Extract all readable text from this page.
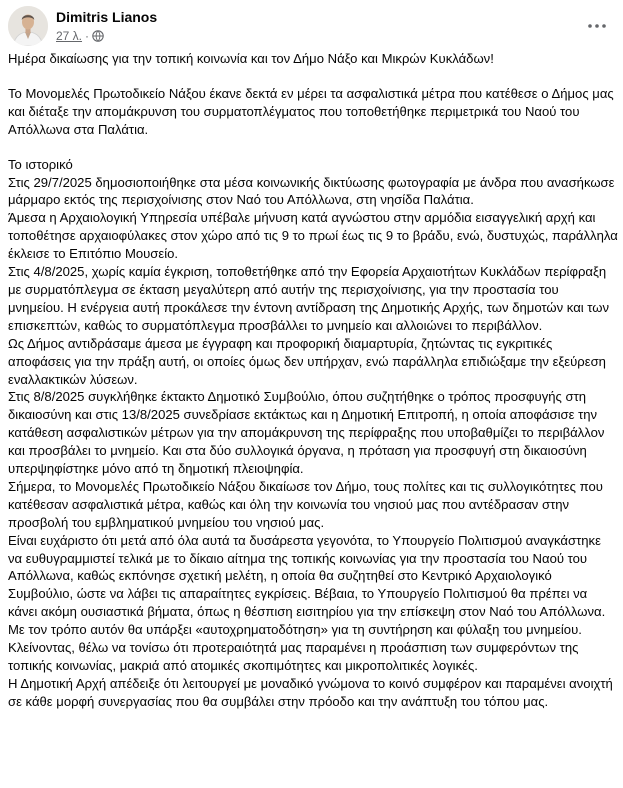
Dimitris Lianos
27 λ. ·

Ημέρα δικαίωσης για την τοπική κοινωνία και τον Δήμο Νάξο και Μικρών Κυκλάδων!

Το Μονομελές Πρωτοδικείο Νάξου έκανε δεκτά εν μέρει τα ασφαλιστικά μέτρα που κατέθεσε ο Δήμος μας και διέταξε την απομάκρυνση του συρματοπλέγματος που τοποθετήθηκε περιμετρικά του Ναού του Απόλλωνα στα Παλάτια.

Το ιστορικό

Στις 29/7/2025 δημοσιοποιήθηκε στα μέσα κοινωνικής δικτύωσης φωτογραφία με άνδρα που ανασήκωσε μάρμαρο εκτός της περισχοίνισης στον Ναό του Απόλλωνα, στη νησίδα Παλάτια.

Άμεσα η Αρχαιολογική Υπηρεσία υπέβαλε μήνυση κατά αγνώστου στην αρμόδια εισαγγελική αρχή και τοποθέτησε αρχαιοφύλακες στον χώρο από τις 9 το πρωί έως τις 9 το βράδυ, ενώ, δυστυχώς, παράλληλα έκλεισε το Επιτόπιο Μουσείο.

Στις 4/8/2025, χωρίς καμία έγκριση, τοποθετήθηκε από την Εφορεία Αρχαιοτήτων Κυκλάδων περίφραξη με συρματόπλεγμα σε έκταση μεγαλύτερη από αυτήν της περισχοίνισης, για την προστασία του μνημείου. Η ενέργεια αυτή προκάλεσε την έντονη αντίδραση της Δημοτικής Αρχής, των δημοτών και των επισκεπτών, καθώς το συρματόπλεγμα προσβάλλει το μνημείο και αλλοιώνει το περιβάλλον.

Ως Δήμος αντιδράσαμε άμεσα με έγγραφη και προφορική διαμαρτυρία, ζητώντας τις εγκριτικές αποφάσεις για την πράξη αυτή, οι οποίες όμως δεν υπήρχαν, ενώ παράλληλα επιδιώξαμε την εξεύρεση εναλλακτικών λύσεων.

Στις 8/8/2025 συγκλήθηκε έκτακτο Δημοτικό Συμβούλιο, όπου συζητήθηκε ο τρόπος προσφυγής στη δικαιοσύνη και στις 13/8/2025 συνεδρίασε εκτάκτως και η Δημοτική Επιτροπή, η οποία αποφάσισε την κατάθεση ασφαλιστικών μέτρων για την απομάκρυνση της περίφραξης που υποβαθμίζει το περιβάλλον και προσβάλει το μνημείο. Και στα δύο συλλογικά όργανα, η πρόταση για προσφυγή στη δικαιοσύνη υπερψηφίστηκε μόνο από τη δημοτική πλειοψηφία.

Σήμερα, το Μονομελές Πρωτοδικείο Νάξου δικαίωσε τον Δήμο, τους πολίτες και τις συλλογικότητες που κατέθεσαν ασφαλιστικά μέτρα, καθώς και όλη την κοινωνία του νησιού μας που αντέδρασαν στην προσβολή του εμβληματικού μνημείου του νησιού μας.

Είναι ευχάριστο ότι μετά από όλα αυτά τα δυσάρεστα γεγονότα, το Υπουργείο Πολιτισμού αναγκάστηκε να ευθυγραμμιστεί τελικά με το δίκαιο αίτημα της τοπικής κοινωνίας για την προστασία του Ναού του Απόλλωνα, καθώς εκπόνησε σχετική μελέτη, η οποία θα συζητηθεί στο Κεντρικό Αρχαιολογικό Συμβούλιο, ώστε να λάβει τις απαραίτητες εγκρίσεις. Βέβαια, το Υπουργείο Πολιτισμού θα πρέπει να κάνει ακόμη ουσιαστικά βήματα, όπως η θέσπιση εισιτηρίου για την επίσκεψη στον Ναό του Απόλλωνα. Με τον τρόπο αυτόν θα υπάρξει «αυτοχρηματοδότηση» για τη συντήρηση και φύλαξη του μνημείου.

Κλείνοντας, θέλω να τονίσω ότι προτεραιότητά μας παραμένει η προάσπιση των συμφερόντων της τοπικής κοινωνίας, μακριά από ατομικές σκοπιμότητες και μικροπολιτικές λογικές.

Η Δημοτική Αρχή απέδειξε ότι λειτουργεί με μοναδικό γνώμονα το κοινό συμφέρον και παραμένει ανοιχτή σε κάθε μορφή συνεργασίας που θα συμβάλει στην πρόοδο και την ανάπτυξη του τόπου μας.
